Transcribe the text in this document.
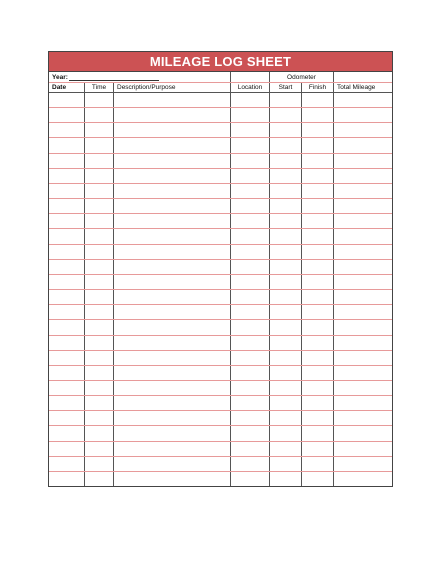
MILEAGE LOG SHEET
Year:	Odometer
Date	Time	Description/Purpose	Location	Start	Finish	Total Mileage
